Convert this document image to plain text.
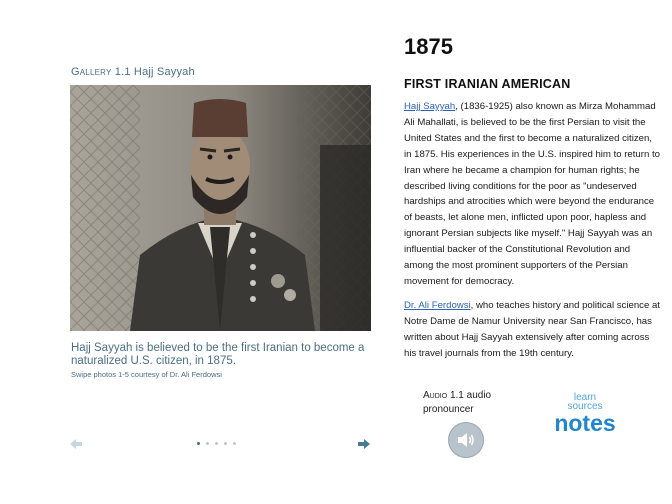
Gallery 1.1 Hajj Sayyah
Hajj Sayyah is believed to be the first Iranian to become a naturalized U.S. citizen, in 1875.
Swipe photos 1-5 courtesy of Dr. Ali Ferdowsi
1875
FIRST IRANIAN AMERICAN

Hajj Sayyah, (1836-1925) also known as Mirza Mohammad Ali Mahallati, is believed to be the first Persian to visit the United States and the first to become a naturalized citizen, in 1875. His experiences in the U.S. inspired him to return to Iran where he became a champion for human rights; he described living conditions for the poor as "undeserved hardships and atrocities which were beyond the endurance of beasts, let alone men, inflicted upon poor, hapless and ignorant Persian subjects like myself." Hajj Sayyah was an influential backer of the Constitutional Revolution and among the most prominent supporters of the Persian movement for democracy.

Dr. Ali Ferdowsi, who teaches history and political science at Notre Dame de Namur University near San Francisco, has written about Hajj Sayyah extensively after coming across his travel journals from the 19th century.

Audio 1.1 audio
pronouncer
learn
sources
notes
